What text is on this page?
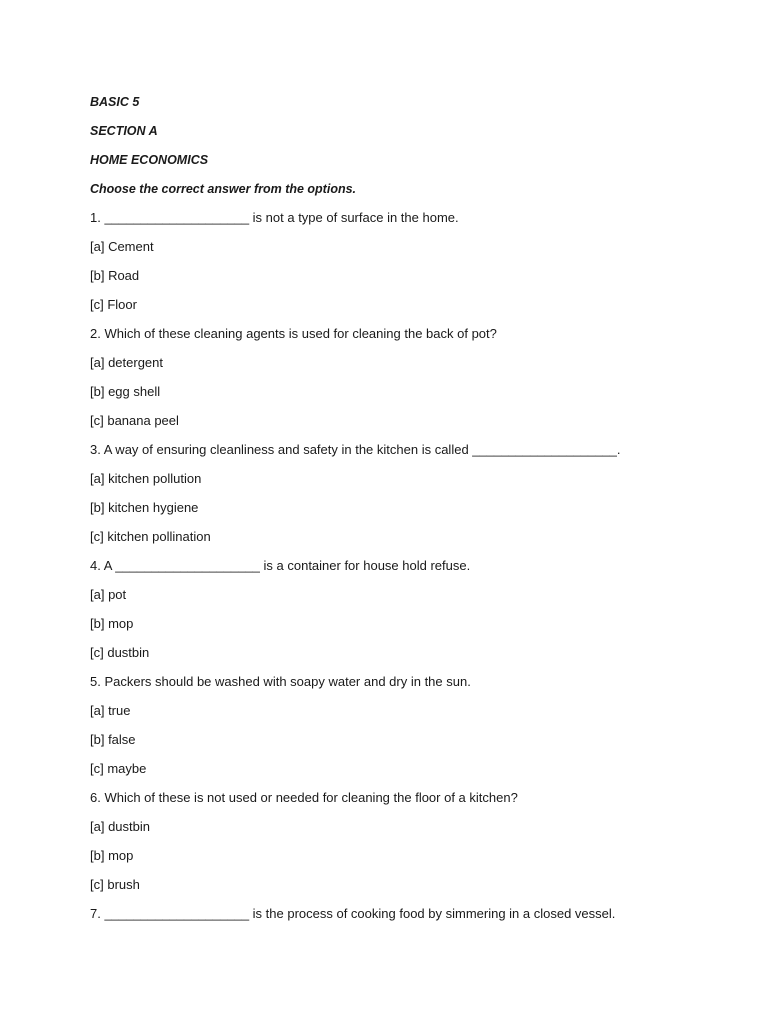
BASIC 5
SECTION A
HOME ECONOMICS
Choose the correct answer from the options.
1. ____________________ is not a type of surface in the home.
[a] Cement
[b] Road
[c] Floor
2. Which of these cleaning agents is used for cleaning the back of pot?
[a] detergent
[b] egg shell
[c] banana peel
3. A way of ensuring cleanliness and safety in the kitchen is called ____________________.
[a] kitchen pollution
[b] kitchen hygiene
[c] kitchen pollination
4. A ____________________ is a container for house hold refuse.
[a] pot
[b] mop
[c] dustbin
5. Packers should be washed with soapy water and dry in the sun.
[a] true
[b] false
[c] maybe
6. Which of these is not used or needed for cleaning the floor of a kitchen?
[a] dustbin
[b] mop
[c] brush
7. ____________________ is the process of cooking food by simmering in a closed vessel.
